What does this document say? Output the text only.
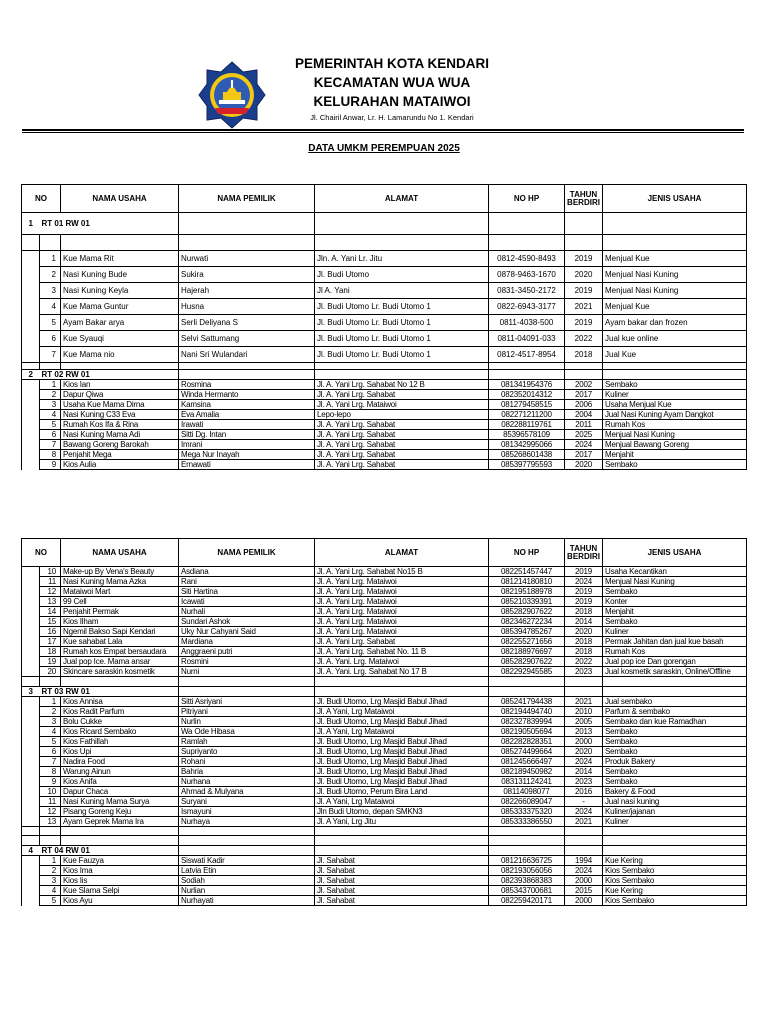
PEMERINTAH KOTA KENDARI
KECAMATAN WUA WUA
KELURAHAN MATAIWOI
Jl. Chairil Anwar, Lr. H. Lamarundu No 1. Kendari
DATA UMKM PEREMPUAN 2025
NO		NAMA USAHA	NAMA PEMILIK	ALAMAT	NO HP	TAHUN BERDIRI	JENIS USAHA
1	RT 01 RW 01						

	1	Kue Mama Rit	Nurwati	Jln. A. Yani Lr. Jitu	0812-4590-8493	2019	Menjual Kue
	2	Nasi Kuning Bude	Sukira	Jl. Budi Utomo	0878-9463-1670	2020	Menjual Nasi Kuning
	3	Nasi Kuning Keyla	Hajerah	Jl A. Yani	0831-3450-2172	2019	Menjual Nasi Kuning
	4	Kue Mama Guntur	Husna	Jl. Budi Utomo Lr. Budi Utomo 1	0822-6943-3177	2021	Menjual Kue
	5	Ayam Bakar arya	Serli Deliyana S	Jl. Budi Utomo Lr. Budi Utomo 1	0811-4038-500	2019	Ayam bakar dan frozen
	6	Kue Syauqi	Selvi Sattumang	Jl. Budi Utomo Lr. Budi Utomo 1	0811-04091-033	2022	Jual kue online
	7	Kue Mama nio	Nani Sri Wulandari	Jl. Budi Utomo Lr. Budi Utomo 1	0812-4517-8954	2018	Jual Kue

2	RT 02 RW 01						
	1	Kios Ian	Rosmina	Jl. A. Yani Lrg. Sahabat No 12 B	081341954376	2002	Sembako
	2	Dapur Qiwa	Winda Hermanto	Jl. A. Yani Lrg. Sahabat	082352014312	2017	Kuliner
	3	Usaha Kue Mama Dirna	Kamsina	Jl. A. Yani Lrg. Mataiwoi	081279458515	2006	Usaha Menjual Kue
	4	Nasi Kuning C33 Eva	Eva Amalia	Lepo-lepo	082271211200	2004	Jual Nasi Kuning Ayam Dangkot
	5	Rumah Kos Ifa & Rina	Irawati	Jl. A. Yani Lrg. Sahabat	082288119761	2011	Rumah Kos
	6	Nasi Kuning Mama Adi	Sitti Dg. Intan	Jl. A. Yani Lrg. Sahabat	85396578109	2025	Menjual Nasi Kuning
	7	Bawang Goreng Barokah	Imrani	Jl. A. Yani Lrg. Sahabat	081342995066	2024	Menjual Bawang Goreng
	8	Penjahit Mega	Mega Nur Inayah	Jl. A. Yani Lrg. Sahabat	085268601438	2017	Menjahit
	9	Kios Aulia	Ernawati	Jl. A. Yani Lrg. Sahabat	085397795593	2020	Sembako
NO		NAMA USAHA	NAMA PEMILIK	ALAMAT	NO HP	TAHUN BERDIRI	JENIS USAHA
	10	Make-up By Vena's Beauty	Asdiana	Jl. A. Yani Lrg. Sahabat No15 B	082251457447	2019	Usaha Kecantikan
	11	Nasi Kuning Mama Azka	Rani	Jl. A. Yani Lrg. Mataiwoi	081214180810	2024	Menjual Nasi Kuning
	12	Mataiwoi Mart	Siti Hartina	Jl. A. Yani Lrg. Mataiwoi	082195188978	2019	Sembako
	13	99 Cell	Icawati	Jl. A. Yani Lrg. Mataiwoi	085210339391	2019	Konter
	14	Penjahit Permak	Nurhali	Jl. A. Yani Lrg. Mataiwoi	085282907622	2018	Menjahit
	15	Kios Ilham	Sundari Ashok	Jl. A. Yani Lrg. Mataiwoi	082346272234	2014	Sembako
	16	Ngemil Bakso Sapi Kendari	Uky Nur Cahyani Said	Jl. A. Yani Lrg. Mataiwoi	085394785267	2020	Kuliner
	17	Kue sahabat Lala	Mardiana	Jl. A. Yani Lrg. Sahabat	082255271656	2018	Permak Jahitan dan jual kue basah
	18	Rumah kos Empat bersaudara	Anggraeni putri	Jl. A. Yani Lrg. Sahabat No. 11 B	082188976697	2018	Rumah Kos
	19	Jual pop Ice. Mama ansar	Rosmini	Jl. A. Yani. Lrg. Mataiwoi	085282907622	2022	Jual pop ice Dan gorengan
	20	Skincare saraskin kosmetik	Nurni	Jl. A. Yani. Lrg. Sahabat No 17 B	082292945585	2023	Jual kosmetik saraskin, Online/Offline

3	RT 03 RW 01						
	1	Kios Annisa	Sitti Asriyani	Jl. Budi Utomo, Lrg Masjid Babul Jihad	085241794438	2021	Jual sembako
	2	Kios Radit Parfum	Pitriyani	Jl. A Yani, Lrg Mataiwoi	082194494740	2010	Parfum & sembako
	3	Bolu Cukke	Nurlin	Jl. Budi Utomo, Lrg Masjid Babul Jihad	082327839994	2005	Sembako dan kue Ramadhan
	4	Kios Ricard Sembako	Wa Ode Hibasa	Jl. A Yani, Lrg Mataiwoi	082190505694	2013	Sembako
	5	Kios Fathillah	Ramlah	Jl. Budi Utomo, Lrg Masjid Babul Jihad	082282828351	2000	Sembako
	6	Kios Upi	Supriyanto	Jl. Budi Utomo, Lrg Masjid Babul Jihad	085274499664	2020	Sembako
	7	Nadira Food	Rohani	Jl. Budi Utomo, Lrg Masjid Babul Jihad	081245666497	2024	Produk Bakery
	8	Warung Ainun	Bahria	Jl. Budi Utomo, Lrg Masjid Babul Jihad	082189450982	2014	Sembako
	9	Kios Anifa	Nurhana	Jl. Budi Utomo, Lrg Masjid Babul Jihad	083131124241	2023	Sembako
	10	Dapur Chaca	Ahmad & Mulyana	Jl. Budi Utomo, Perum Bira Land	08114098077	2016	Bakery & Food
	11	Nasi Kuning Mama Surya	Suryani	Jl. A Yani, Lrg Mataiwoi	082266089047	-	Jual nasi kuning
	12	Pisang Goreng Keju	Ismayuni	Jln Budi Utomo, depan SMKN3	085333375320	2024	Kuliner/jajanan
	13	Ayam Geprek Mama Ira	Nurhaya	Jl. A Yani, Lrg Jitu	085333386550	2021	Kuliner

4	RT 04 RW 01						
	1	Kue Fauzya	Siswati Kadir	Jl. Sahabat	081216636725	1994	Kue Kering
	2	Kios Ima	Latvia Etin	Jl. Sahabat	082193056056	2024	Kios Sembako
	3	Kios Iis	Sodiah	Jl. Sahabat	082393868383	2000	Kios Sembako
	4	Kue Slama Selpi	Nurlian	Jl. Sahabat	085343700681	2015	Kue Kering
	5	Kios Ayu	Nurhayati	Jl. Sahabat	082259420171	2000	Kios Sembako
